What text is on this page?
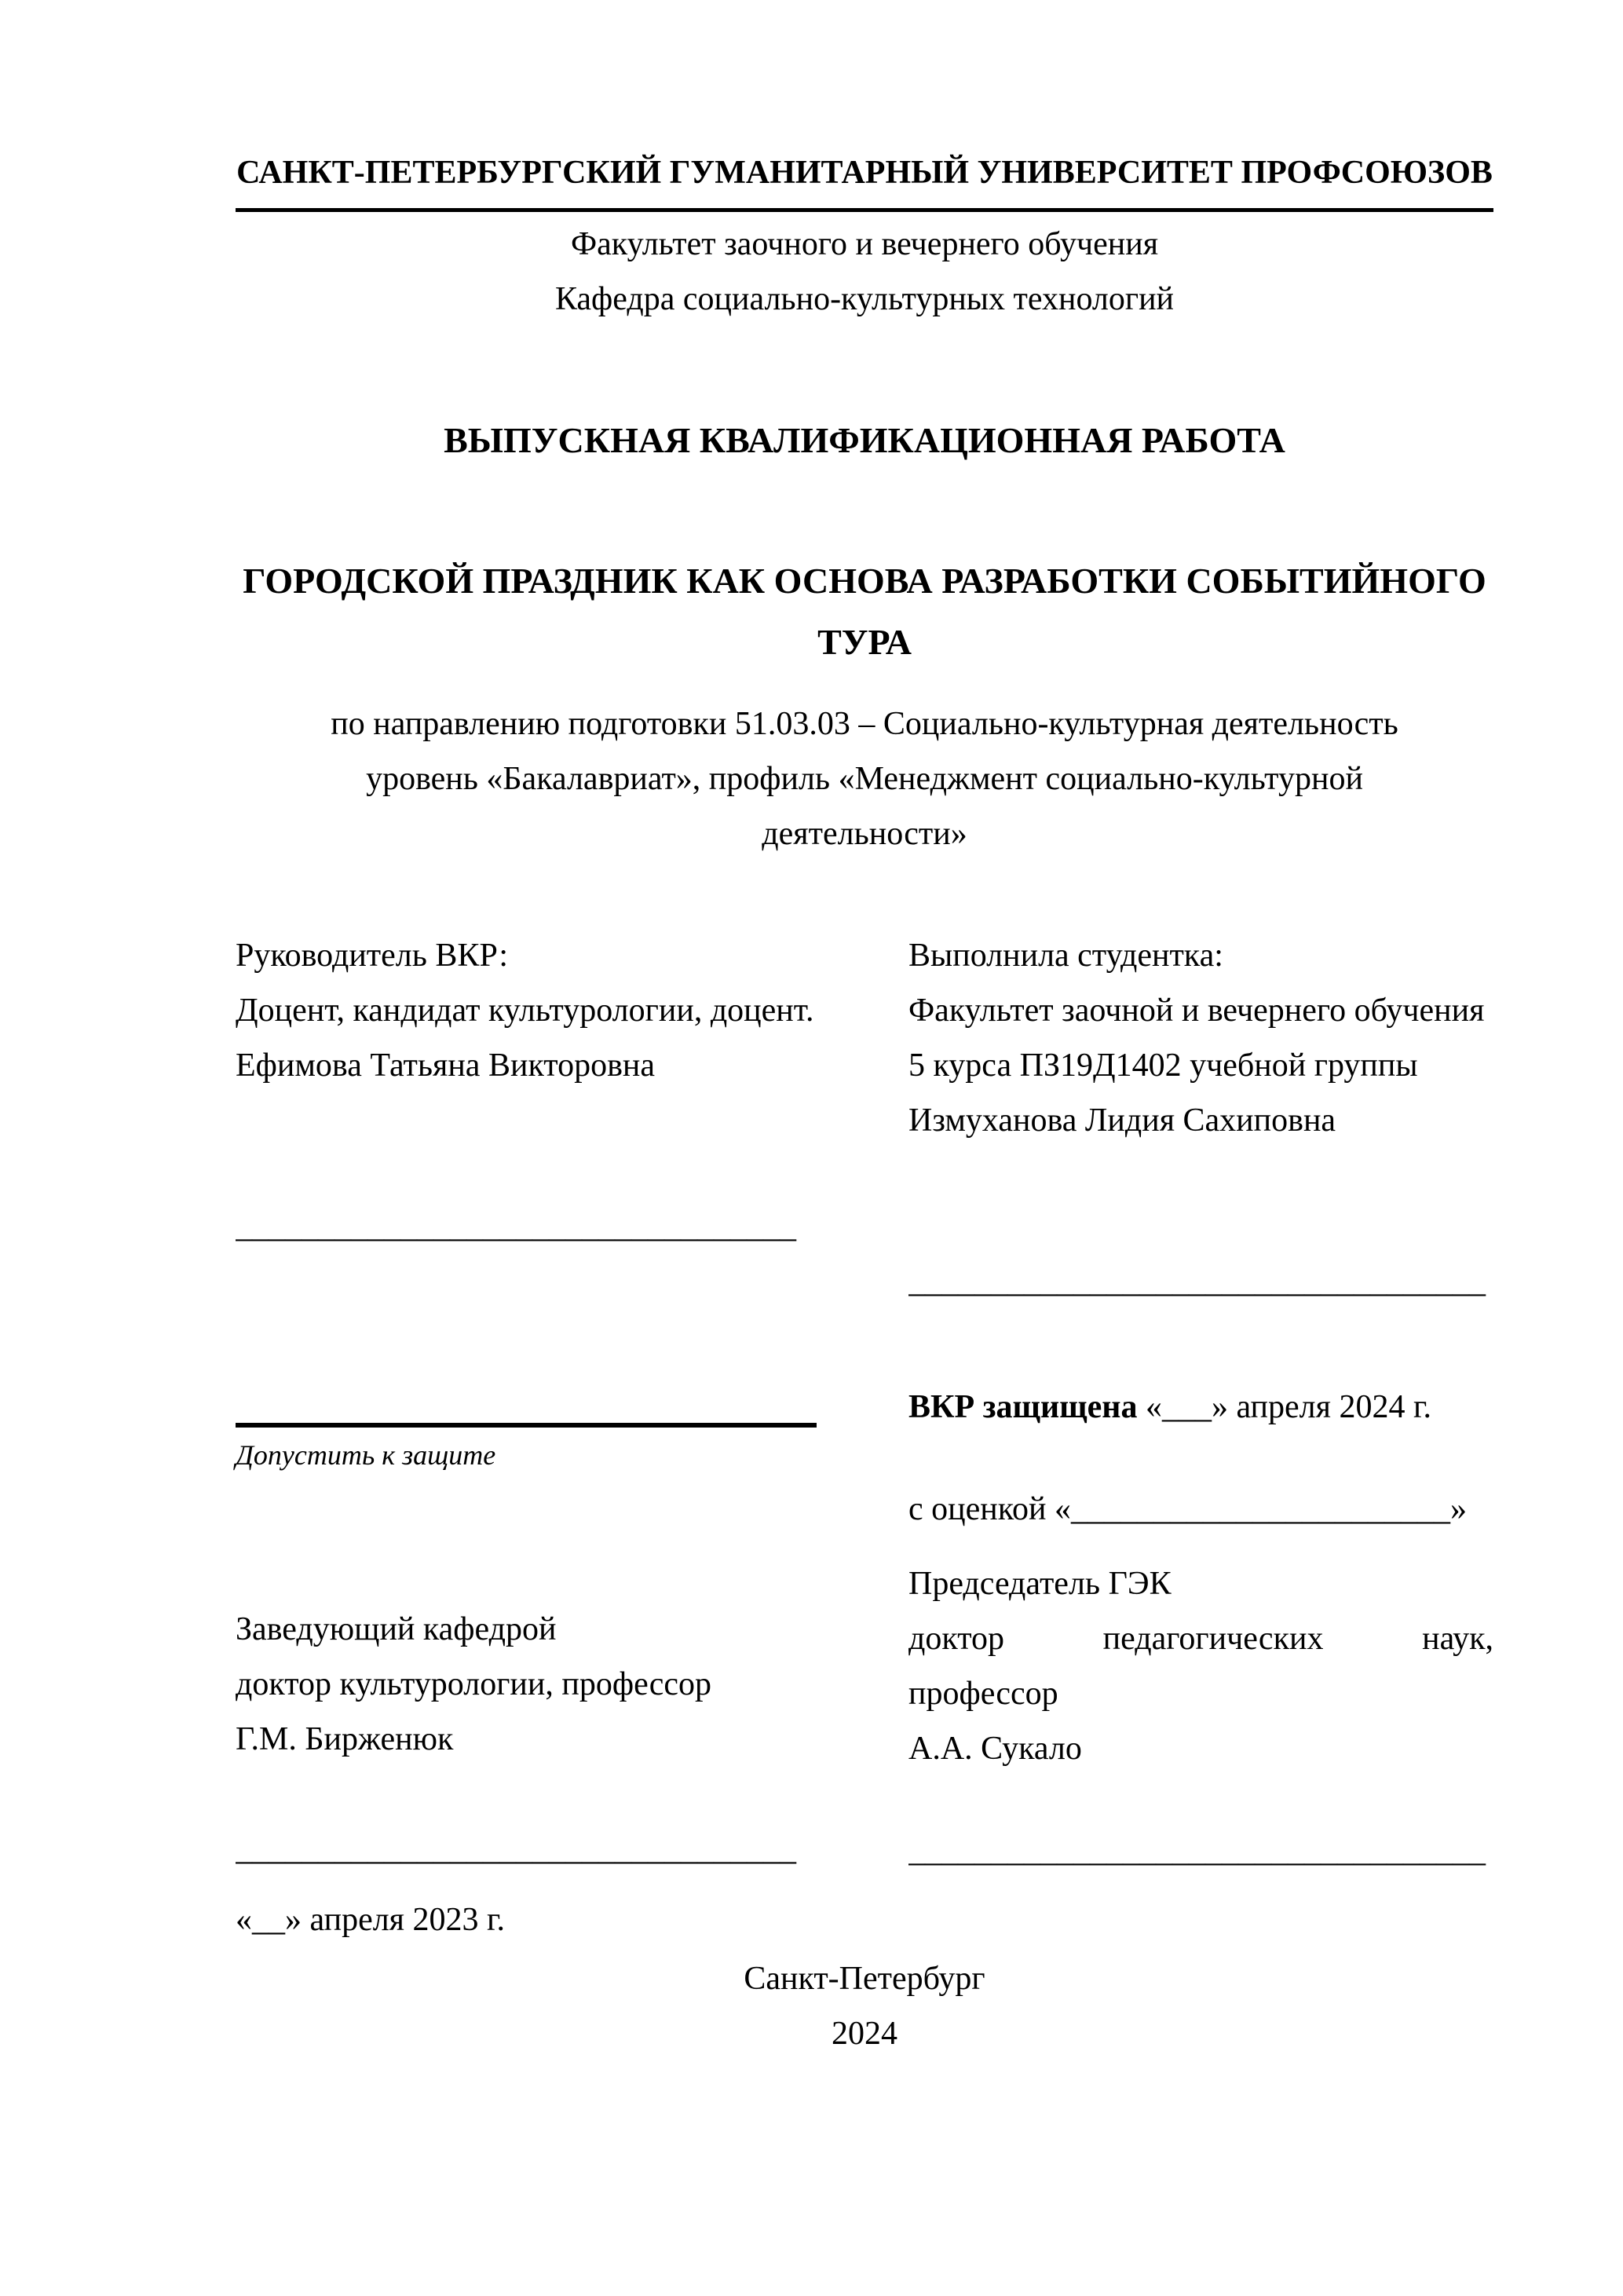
САНКТ-ПЕТЕРБУРГСКИЙ ГУМАНИТАРНЫЙ УНИВЕРСИТЕТ ПРОФСОЮЗОВ
Факультет заочного и вечернего обучения
Кафедра социально-культурных технологий
ВЫПУСКНАЯ КВАЛИФИКАЦИОННАЯ РАБОТА
ГОРОДСКОЙ ПРАЗДНИК КАК ОСНОВА РАЗРАБОТКИ СОБЫТИЙНОГО ТУРА
по направлению подготовки 51.03.03 – Социально-культурная деятельность
уровень «Бакалавриат», профиль «Менеджмент социально-культурной
деятельности»
Руководитель ВКР:
Доцент, кандидат культурологии, доцент.
Ефимова Татьяна Викторовна
__________________________________
Допустить к защите
Заведующий кафедрой
доктор культурологии, профессор
Г.М. Бирженюк
__________________________________
«__» апреля 2023 г.
Выполнила студентка:
Факультет заочной и вечернего обучения
5 курса ПЗ19Д1402 учебной группы
Измуханова Лидия Сахиповна
___________________________________
ВКР защищена «___» апреля 2024 г.
с оценкой «_______________________»
Председатель ГЭК
доктор педагогических наук,
профессор
А.А. Сукало
___________________________________
Санкт-Петербург
2024
